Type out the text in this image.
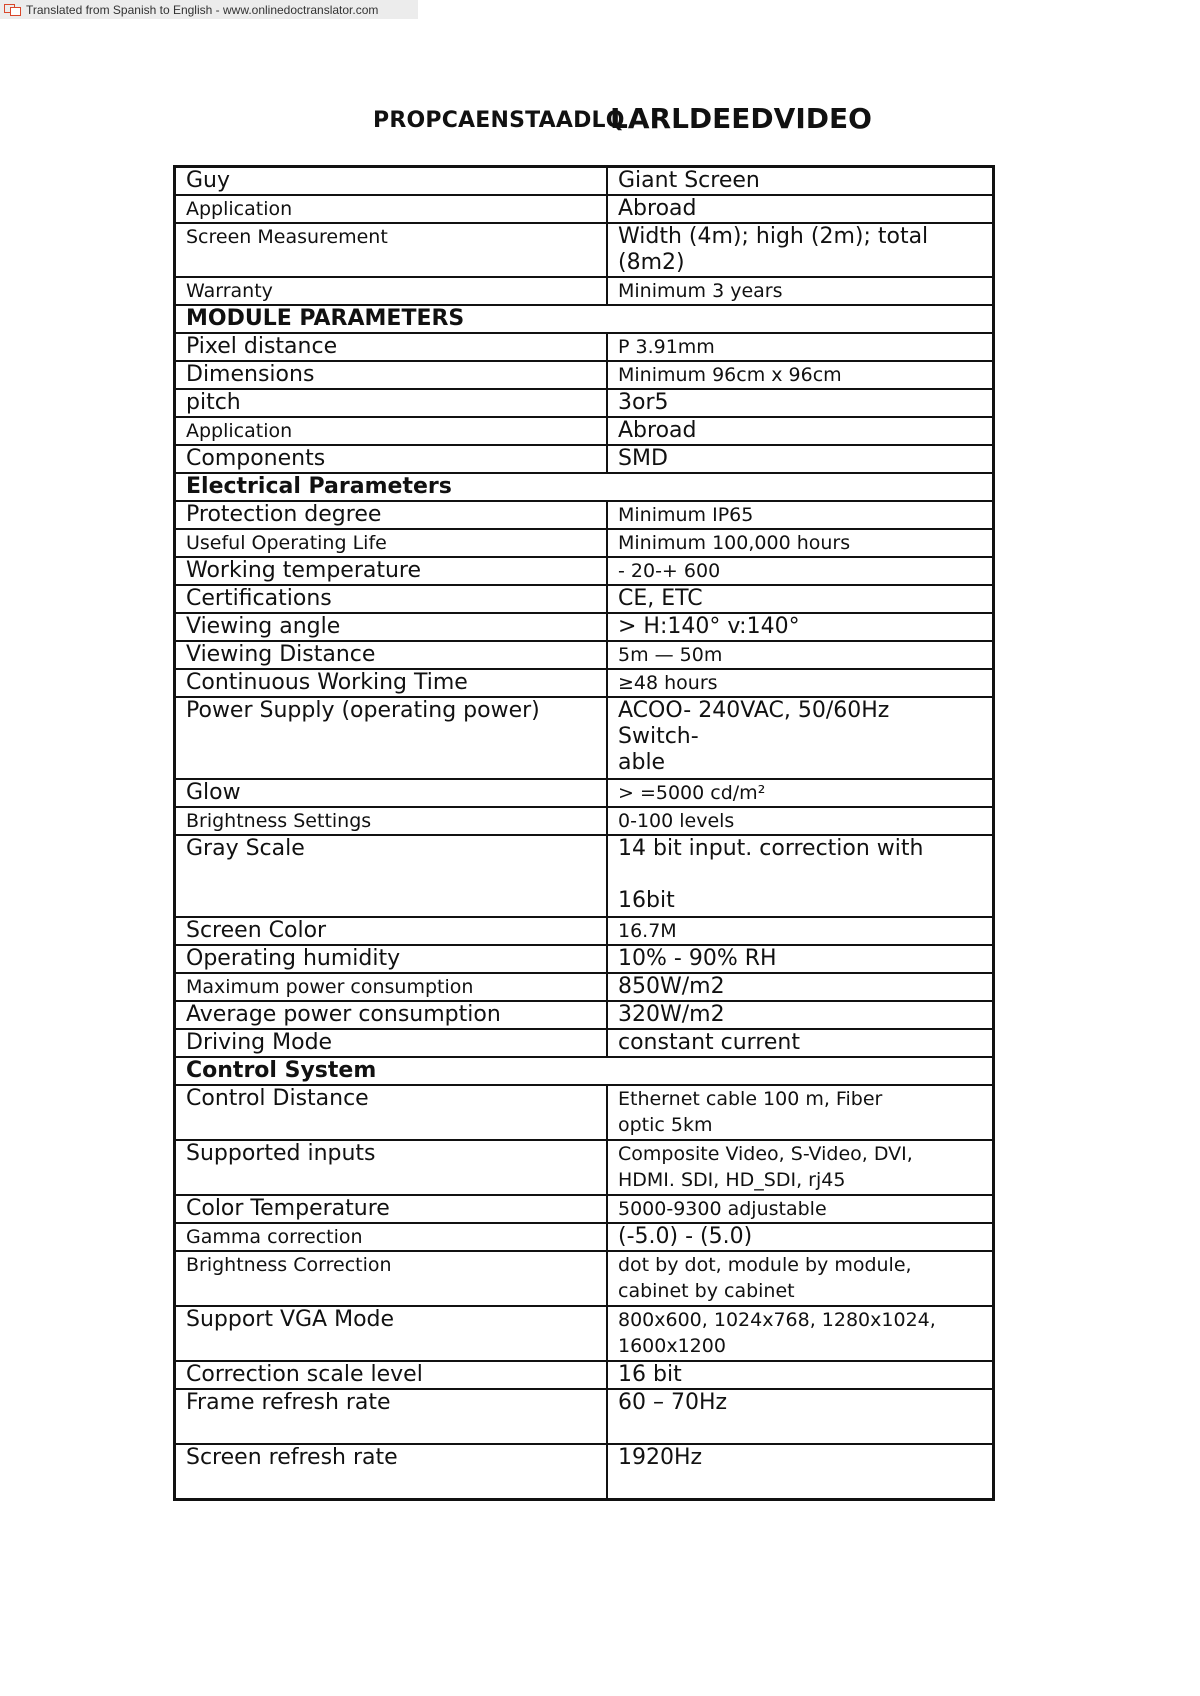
Translated from Spanish to English - www.onlinedoctranslator.com
PROPCAENSTAADLQ
LARLDEEDVIDEO
Guy	Giant Screen
Application	Abroad
Screen Measurement	Width (4m); high (2m); total (8m2)
Warranty	Minimum 3 years
MODULE PARAMETERS	
Pixel distance	P 3.91mm
Dimensions	Minimum 96cm x 96cm
pitch	3or5
Application	Abroad
Components	SMD
Electrical Parameters	
Protection degree	Minimum IP65
Useful Operating Life	Minimum 100,000 hours
Working temperature	- 20-+ 600
Certifications	CE, ETC
Viewing angle	> H:140° v:140°
Viewing Distance	5m — 50m
Continuous Working Time	≥48 hours
Power Supply (operating power)	ACOO- 240VAC, 50/60Hz
Switch-
able
Glow	> =5000 cd/m²
Brightness Settings	0-100 levels
Gray Scale	14 bit input. correction with

16bit
Screen Color	16.7M
Operating humidity	10% - 90% RH
Maximum power consumption	850W/m2
Average power consumption	320W/m2
Driving Mode	constant current
Control System	
Control Distance	Ethernet cable 100 m, Fiber
optic 5km
Supported inputs	Composite Video, S-Video, DVI,
HDMI. SDI, HD_SDI, rj45
Color Temperature	5000-9300 adjustable
Gamma correction	(-5.0) - (5.0)
Brightness Correction	dot by dot, module by module,
cabinet by cabinet
Support VGA Mode	800x600, 1024x768, 1280x1024,
1600x1200
Correction scale level	16 bit
Frame refresh rate	60 – 70Hz
Screen refresh rate	1920Hz
